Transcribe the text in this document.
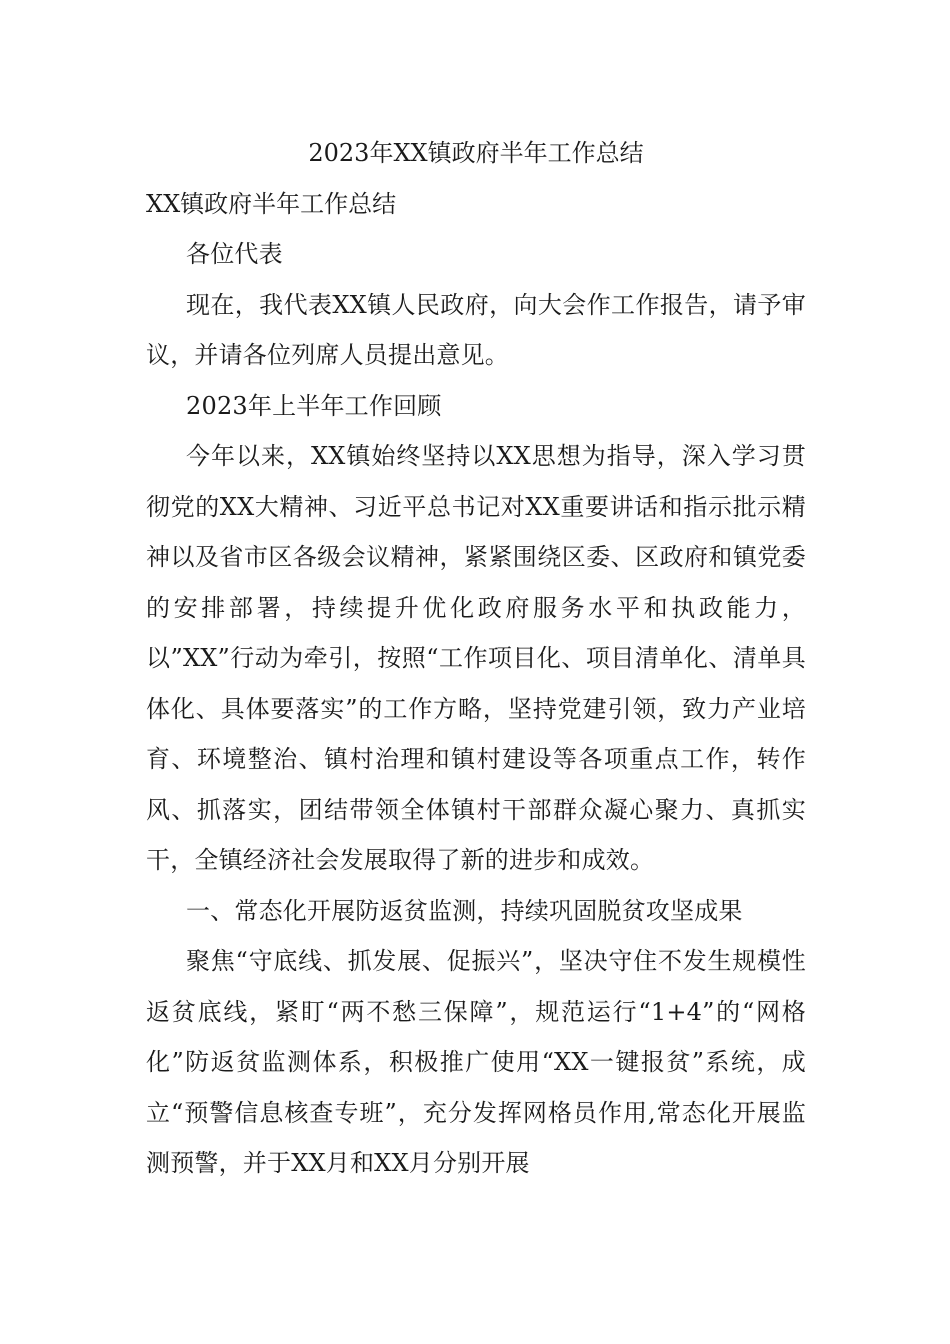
2023年XX镇政府半年工作总结
XX镇政府半年工作总结

各位代表

现在，我代表XX镇人民政府，向大会作工作报告，请予审议，并请各位列席人员提出意见。

2023年上半年工作回顾

今年以来，XX镇始终坚持以XX思想为指导，深入学习贯彻党的XX大精神、习近平总书记对XX重要讲话和指示批示精神以及省市区各级会议精神，紧紧围绕区委、区政府和镇党委的安排部署，持续提升优化政府服务水平和执政能力，以”XX”行动为牵引，按照“工作项目化、项目清单化、清单具体化、具体要落实”的工作方略，坚持党建引领，致力产业培育、环境整治、镇村治理和镇村建设等各项重点工作，转作风、抓落实，团结带领全体镇村干部群众凝心聚力、真抓实干，全镇经济社会发展取得了新的进步和成效。

一、常态化开展防返贫监测，持续巩固脱贫攻坚成果

聚焦“守底线、抓发展、促振兴”，坚决守住不发生规模性返贫底线，紧盯“两不愁三保障”，规范运行“1+4”的“网格化”防返贫监测体系，积极推广使用“XX一键报贫”系统，成立“预警信息核查专班”，充分发挥网格员作用,常态化开展监测预警，并于XX月和XX月分别开展
